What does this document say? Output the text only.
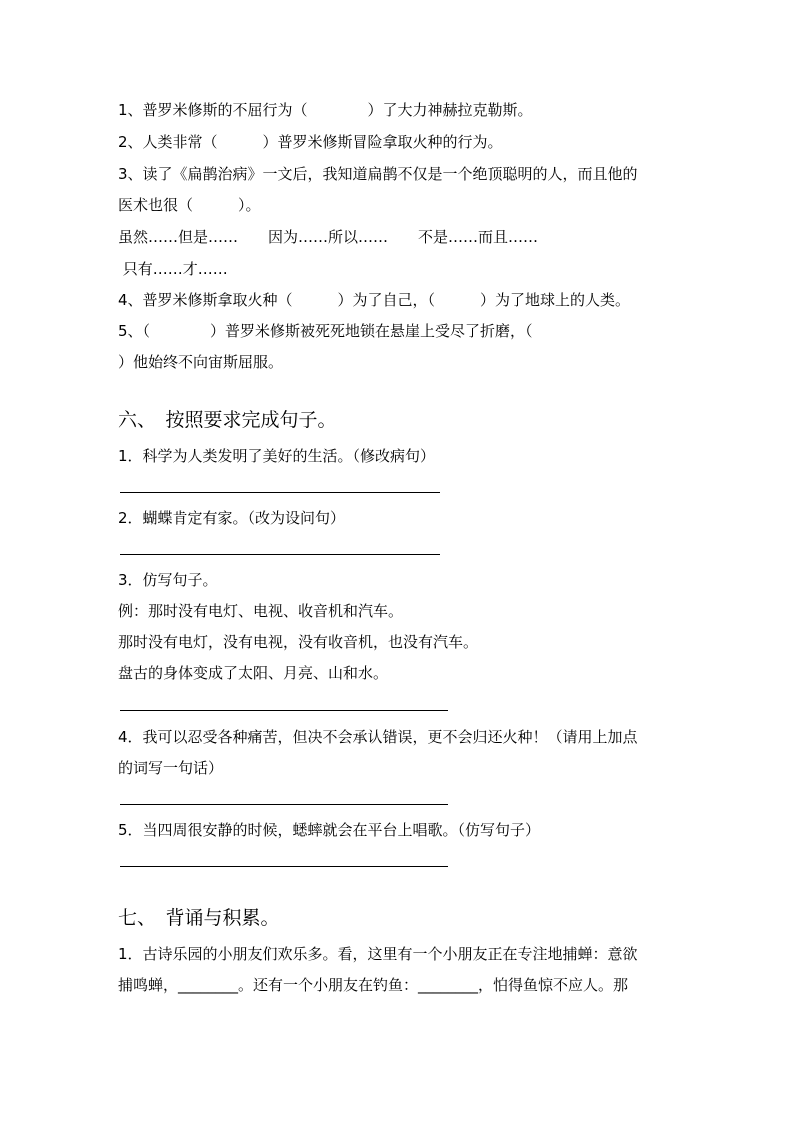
1、普罗米修斯的不屈行为（　　　　）了大力神赫拉克勒斯。
2、人类非常（　　　）普罗米修斯冒险拿取火种的行为。
3、读了《扁鹊治病》一文后，我知道扁鹊不仅是一个绝顶聪明的人，而且他的
医术也很（　　　）。
虽然……但是……　　因为……所以……　　不是……而且……
只有……才……
4、普罗米修斯拿取火种（　　　）为了自己，（　　　）为了地球上的人类。
5、（　　　　）普罗米修斯被死死地锁在悬崖上受尽了折磨，（
）他始终不向宙斯屈服。
六、　按照要求完成句子。
1．科学为人类发明了美好的生活。（修改病句）
2．蝴蝶肯定有家。（改为设问句）
3．仿写句子。
例：那时没有电灯、电视、收音机和汽车。
那时没有电灯，没有电视，没有收音机，也没有汽车。
盘古的身体变成了太阳、月亮、山和水。
4．我可以忍受各种痛苦，但决不会承认错误，更不会归还火种！（请用上加点
的词写一句话）
5．当四周很安静的时候，蟋蟀就会在平台上唱歌。（仿写句子）
七、　背诵与积累。
1．古诗乐园的小朋友们欢乐多。看，这里有一个小朋友正在专注地捕蝉：意欲
捕鸣蝉，________。还有一个小朋友在钓鱼：________，怕得鱼惊不应人。那
